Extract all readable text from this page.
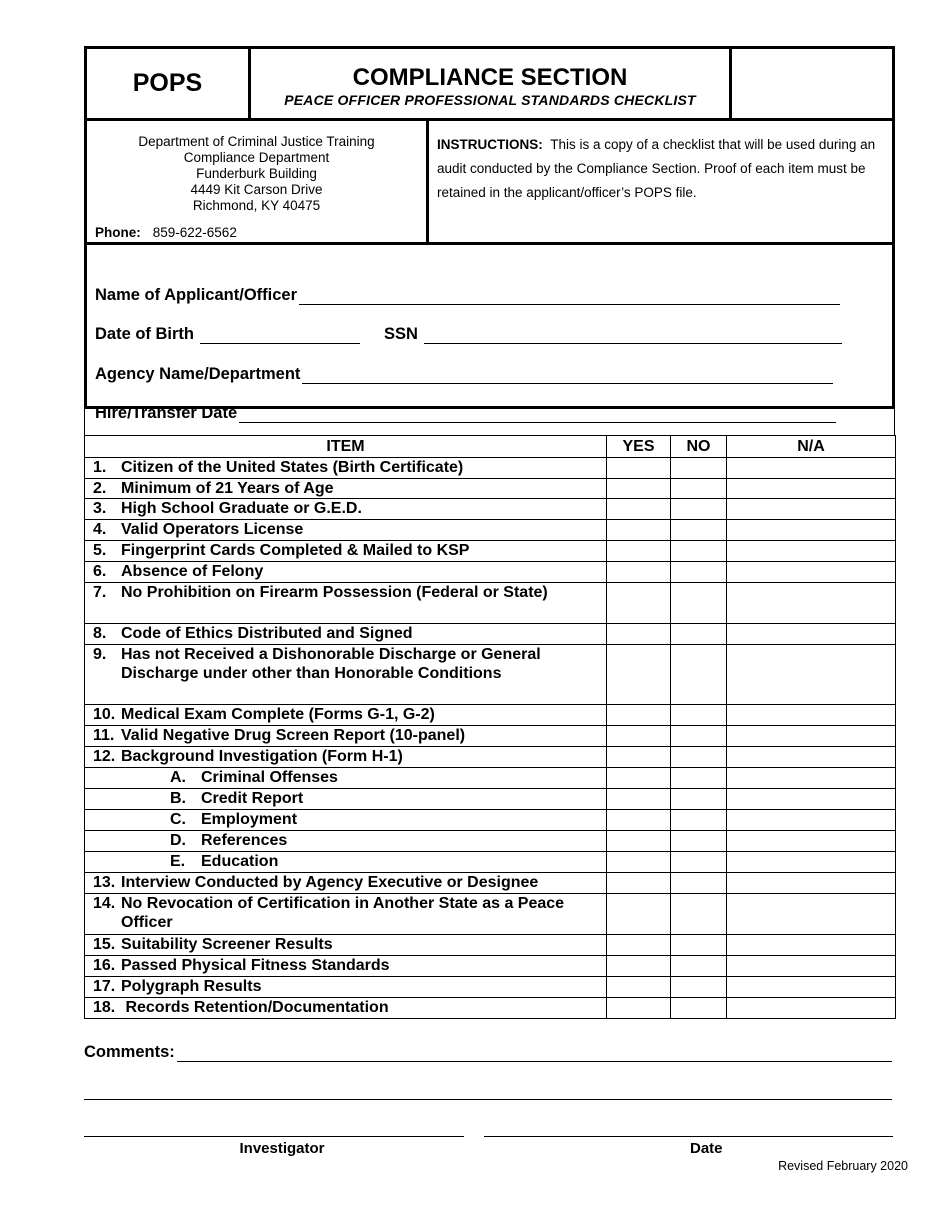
POPS	COMPLIANCE SECTION
PEACE OFFICER PROFESSIONAL STANDARDS CHECKLIST
Department of Criminal Justice Training
Compliance Department
Funderburk Building
4449 Kit Carson Drive
Richmond, KY 40475
Phone: 859-622-6562
INSTRUCTIONS: This is a copy of a checklist that will be used during an audit conducted by the Compliance Section. Proof of each item must be retained in the applicant/officer’s POPS file.
Name of Applicant/Officer
Date of Birth	SSN
Agency Name/Department
Hire/Transfer Date
ITEM	YES	NO	N/A

1. Citizen of the United States (Birth Certificate)			

2. Minimum of 21 Years of Age			

3. High School Graduate or G.E.D.			

4. Valid Operators License			

5. Fingerprint Cards Completed & Mailed to KSP			

6. Absence of Felony			

7. No Prohibition on Firearm Possession (Federal or State)			

8. Code of Ethics Distributed and Signed			

9. Has not Received a Dishonorable Discharge or General Discharge under other than Honorable Conditions			

10. Medical Exam Complete (Forms G-1, G-2)			

11. Valid Negative Drug Screen Report (10-panel)			

12. Background Investigation (Form H-1)			

A. Criminal Offenses			

B. Credit Report			

C. Employment			

D. References			

E. Education			

13. Interview Conducted by Agency Executive or Designee			

14. No Revocation of Certification in Another State as a Peace Officer			

15. Suitability Screener Results			

16. Passed Physical Fitness Standards			

17. Polygraph Results			

18. Records Retention/Documentation			

Comments:
Investigator	Date
Revised February 2020
